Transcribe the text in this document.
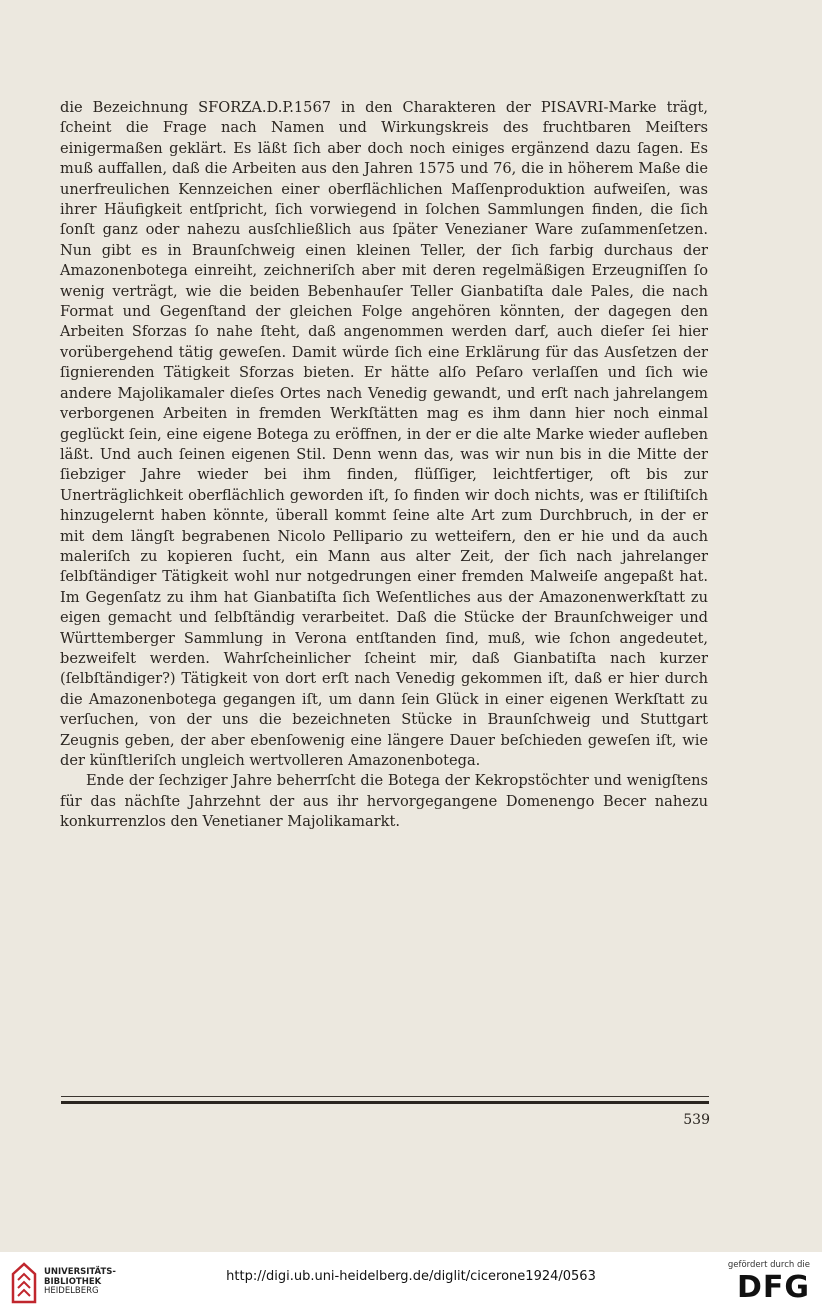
die Bezeichnung SFORZA.D.P.1567 in den Charakteren der PISAVRI-Marke trägt, ſcheint die Frage nach Namen und Wirkungskreis des fruchtbaren Meiſters einigermaßen geklärt. Es läßt ſich aber doch noch einiges ergänzend dazu ſagen. Es muß auffallen, daß die Arbeiten aus den Jahren 1575 und 76, die in höherem Maße die unerfreulichen Kennzeichen einer oberflächlichen Maſſenproduktion aufweiſen, was ihrer Häufigkeit entſpricht, ſich vorwiegend in ſolchen Sammlungen finden, die ſich ſonſt ganz oder nahezu ausſchließlich aus ſpäter Venezianer Ware zuſammenſetzen. Nun gibt es in Braunſchweig einen kleinen Teller, der ſich farbig durchaus der Amazonenbotega einreiht, zeichneriſch aber mit deren regelmäßigen Erzeugniſſen ſo wenig verträgt, wie die beiden Bebenhauſer Teller Gianbatiſta dale Pales, die nach Format und Gegenſtand der gleichen Folge angehören könnten, der dagegen den Arbeiten Sforzas ſo nahe ſteht, daß angenommen werden darf, auch dieſer ſei hier vorübergehend tätig geweſen. Damit würde ſich eine Erklärung für das Ausſetzen der ſignierenden Tätigkeit Sforzas bieten. Er hätte alſo Peſaro verlaſſen und ſich wie andere Majolikamaler dieſes Ortes nach Venedig gewandt, und erſt nach jahrelangem verborgenen Arbeiten in fremden Werkſtätten mag es ihm dann hier noch einmal geglückt ſein, eine eigene Botega zu eröffnen, in der er die alte Marke wieder aufleben läßt. Und auch ſeinen eigenen Stil. Denn wenn das, was wir nun bis in die Mitte der ſiebziger Jahre wieder bei ihm finden, flüſſiger, leichtfertiger, oft bis zur Unerträglichkeit oberflächlich geworden iſt, ſo finden wir doch nichts, was er ſtiliſtiſch hinzugelernt haben könnte, überall kommt ſeine alte Art zum Durchbruch, in der er mit dem längſt begrabenen Nicolo Pellipario zu wetteifern, den er hie und da auch maleriſch zu kopieren ſucht, ein Mann aus alter Zeit, der ſich nach jahrelanger ſelbſtändiger Tätigkeit wohl nur notgedrungen einer fremden Malweiſe angepaßt hat. Im Gegenſatz zu ihm hat Gianbatiſta ſich Weſentliches aus der Amazonenwerkſtatt zu eigen gemacht und ſelbſtändig verarbeitet. Daß die Stücke der Braunſchweiger und Württemberger Sammlung in Verona entſtanden ſind, muß, wie ſchon angedeutet, bezweifelt werden. Wahrſcheinlicher ſcheint mir, daß Gianbatiſta nach kurzer (ſelbſtändiger?) Tätigkeit von dort erſt nach Venedig gekommen iſt, daß er hier durch die Amazonenbotega gegangen iſt, um dann ſein Glück in einer eigenen Werkſtatt zu verſuchen, von der uns die bezeichneten Stücke in Braunſchweig und Stuttgart Zeugnis geben, der aber ebenſowenig eine längere Dauer beſchieden geweſen iſt, wie der künſtleriſch ungleich wertvolleren Amazonenbotega.

Ende der ſechziger Jahre beherrſcht die Botega der Kekropstöchter und wenigſtens für das nächſte Jahrzehnt der aus ihr hervorgegangene Domenengo Becer nahezu konkurrenzlos den Venetianer Majolikamarkt.

539
UNIVERSITÄTS-
BIBLIOTHEK
HEIDELBERG
http://digi.ub.uni-heidelberg.de/diglit/cicerone1924/0563
gefördert durch die
DFG
